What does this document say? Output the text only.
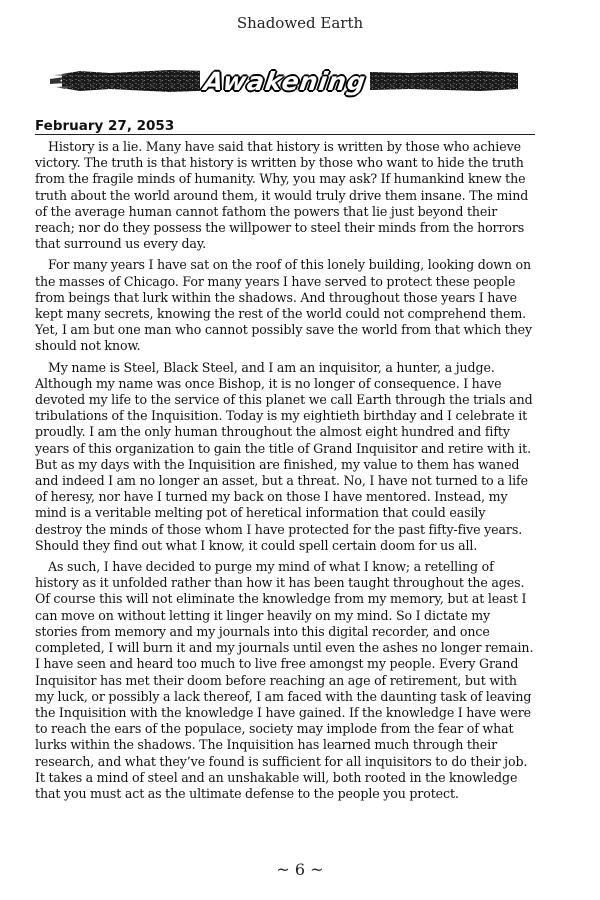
Shadowed Earth
Awakening
February 27, 2053

History is a lie. Many have said that history is written by those who achieve victory. The truth is that history is written by those who want to hide the truth from the fragile minds of humanity. Why, you may ask? If humankind knew the truth about the world around them, it would truly drive them insane. The mind of the average human cannot fathom the powers that lie just beyond their reach; nor do they possess the willpower to steel their minds from the horrors that surround us every day.

For many years I have sat on the roof of this lonely building, looking down on the masses of Chicago. For many years I have served to protect these people from beings that lurk within the shadows. And throughout those years I have kept many secrets, knowing the rest of the world could not comprehend them. Yet, I am but one man who cannot possibly save the world from that which they should not know.

My name is Steel, Black Steel, and I am an inquisitor, a hunter, a judge. Although my name was once Bishop, it is no longer of consequence. I have devoted my life to the service of this planet we call Earth through the trials and tribulations of the Inquisition. Today is my eightieth birthday and I celebrate it proudly. I am the only human throughout the almost eight hundred and fifty years of this organization to gain the title of Grand Inquisitor and retire with it. But as my days with the Inquisition are finished, my value to them has waned and indeed I am no longer an asset, but a threat. No, I have not turned to a life of heresy, nor have I turned my back on those I have mentored. Instead, my mind is a veritable melting pot of heretical information that could easily destroy the minds of those whom I have protected for the past fifty-five years. Should they find out what I know, it could spell certain doom for us all.

As such, I have decided to purge my mind of what I know; a retelling of history as it unfolded rather than how it has been taught throughout the ages. Of course this will not eliminate the knowledge from my memory, but at least I can move on without letting it linger heavily on my mind. So I dictate my stories from memory and my journals into this digital recorder, and once completed, I will burn it and my journals until even the ashes no longer remain. I have seen and heard too much to live free amongst my people. Every Grand Inquisitor has met their doom before reaching an age of retirement, but with my luck, or possibly a lack thereof, I am faced with the daunting task of leaving the Inquisition with the knowledge I have gained. If the knowledge I have were to reach the ears of the populace, society may implode from the fear of what lurks within the shadows. The Inquisition has learned much through their research, and what they’ve found is sufficient for all inquisitors to do their job. It takes a mind of steel and an unshakable will, both rooted in the knowledge that you must act as the ultimate defense to the people you protect.

~ 6 ~
